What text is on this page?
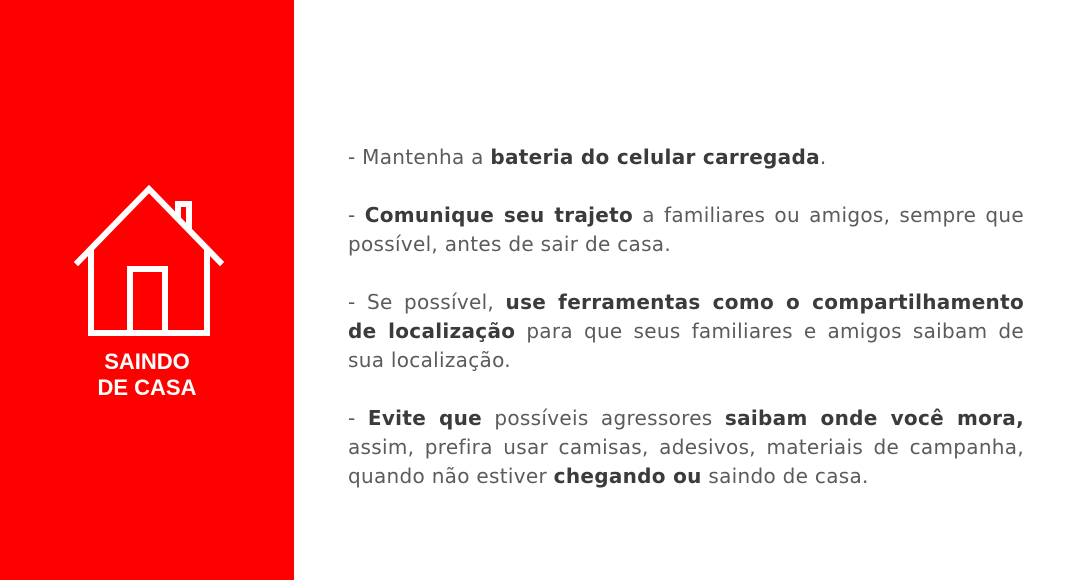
SAINDO
DE CASA

- Mantenha a bateria do celular carregada.

- Comunique seu trajeto a familiares ou amigos, sempre que possível, antes de sair de casa.

- Se possível, use ferramentas como o compartilhamento de localização para que seus familiares e amigos saibam de sua localização.

- Evite que possíveis agressores saibam onde você mora, assim, prefira usar camisas, adesivos, materiais de campanha, quando não estiver chegando ou saindo de casa.
